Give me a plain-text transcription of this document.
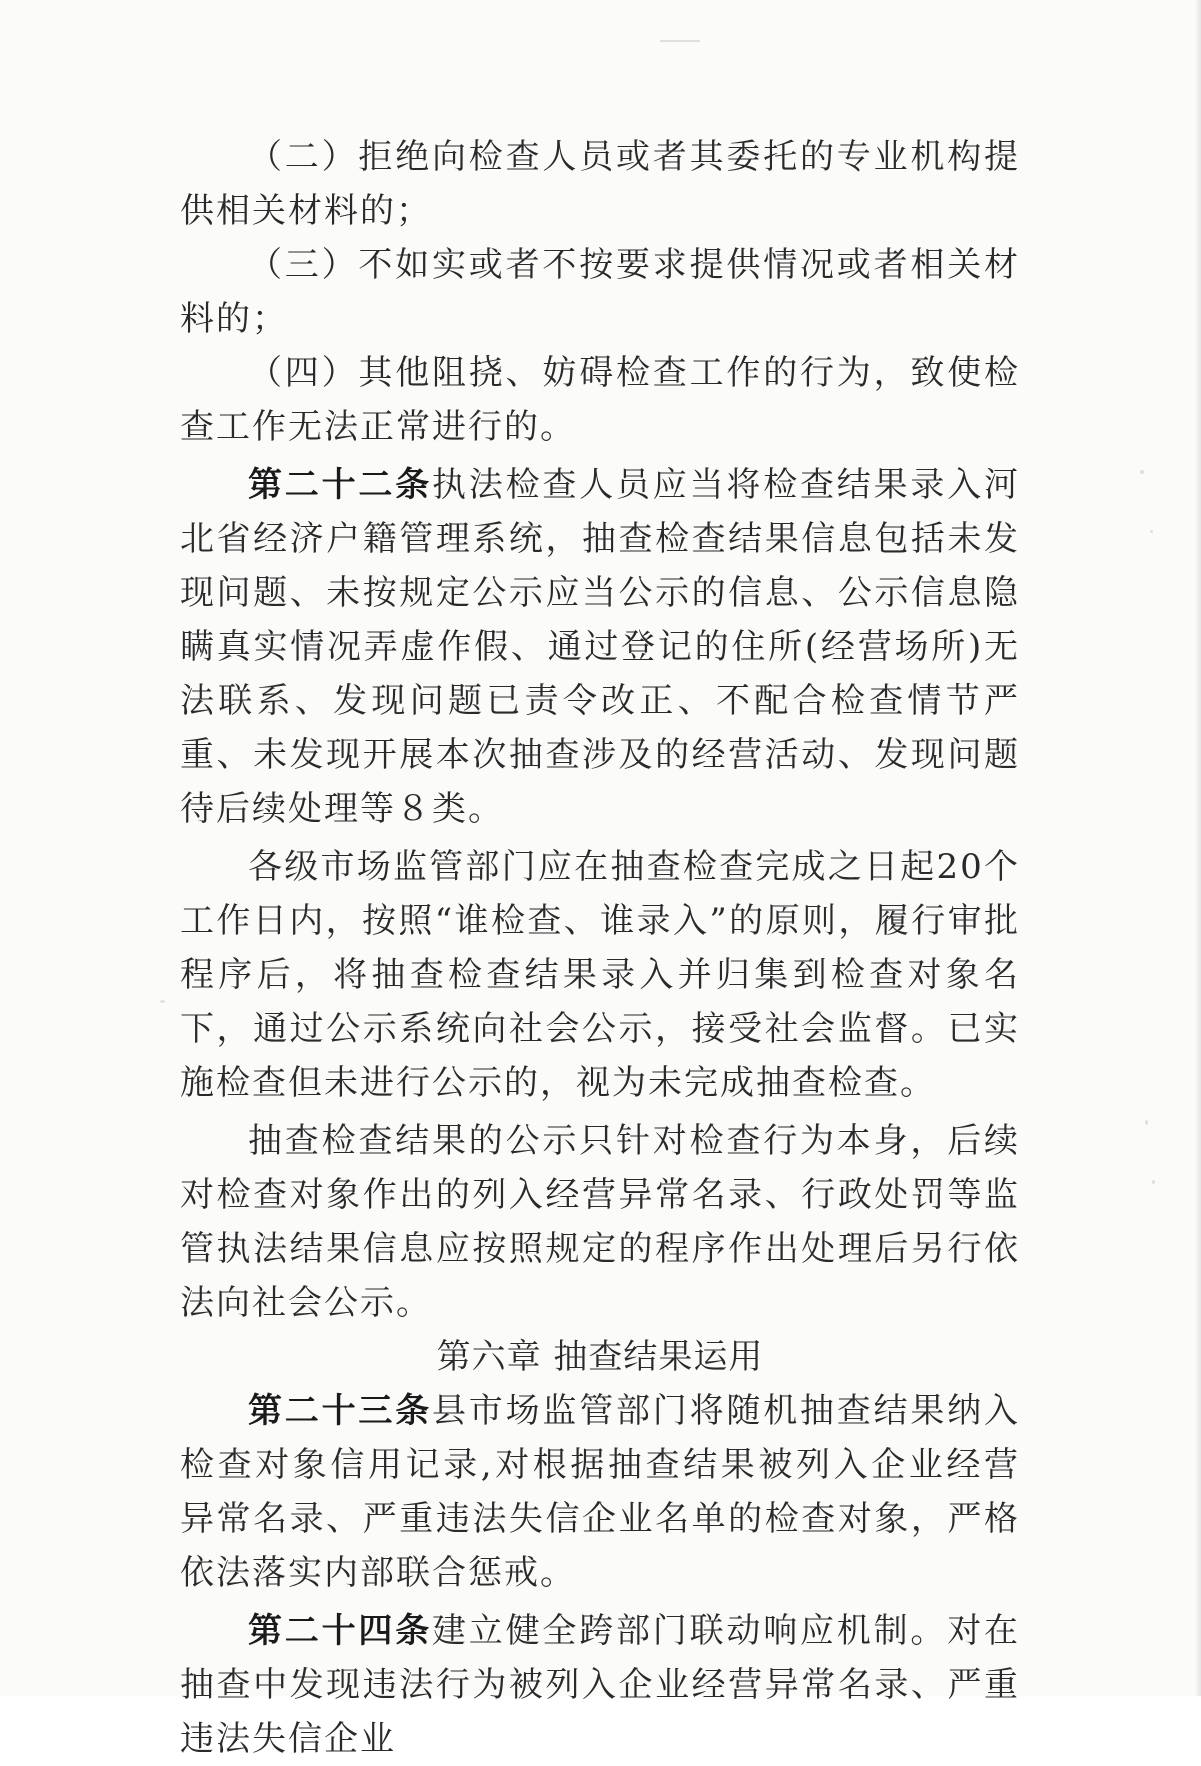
（二）拒绝向检查人员或者其委托的专业机构提供相关材料的；

（三）不如实或者不按要求提供情况或者相关材料的；

（四）其他阻挠、妨碍检查工作的行为，致使检查工作无法正常进行的。

第二十二条执法检查人员应当将检查结果录入河北省经济户籍管理系统，抽查检查结果信息包括未发现问题、未按规定公示应当公示的信息、公示信息隐瞒真实情况弄虚作假、通过登记的住所(经营场所)无法联系、发现问题已责令改正、不配合检查情节严重、未发现开展本次抽查涉及的经营活动、发现问题待后续处理等８类。

各级市场监管部门应在抽查检查完成之日起20个工作日内，按照“谁检查、谁录入”的原则，履行审批程序后，将抽查检查结果录入并归集到检查对象名下，通过公示系统向社会公示，接受社会监督。已实施检查但未进行公示的，视为未完成抽查检查。

抽查检查结果的公示只针对检查行为本身，后续对检查对象作出的列入经营异常名录、行政处罚等监管执法结果信息应按照规定的程序作出处理后另行依法向社会公示。

第六章 抽查结果运用

第二十三条县市场监管部门将随机抽查结果纳入检查对象信用记录,对根据抽查结果被列入企业经营异常名录、严重违法失信企业名单的检查对象，严格依法落实内部联合惩戒。

第二十四条建立健全跨部门联动响应机制。对在抽查中发现违法行为被列入企业经营异常名录、严重违法失信企业
